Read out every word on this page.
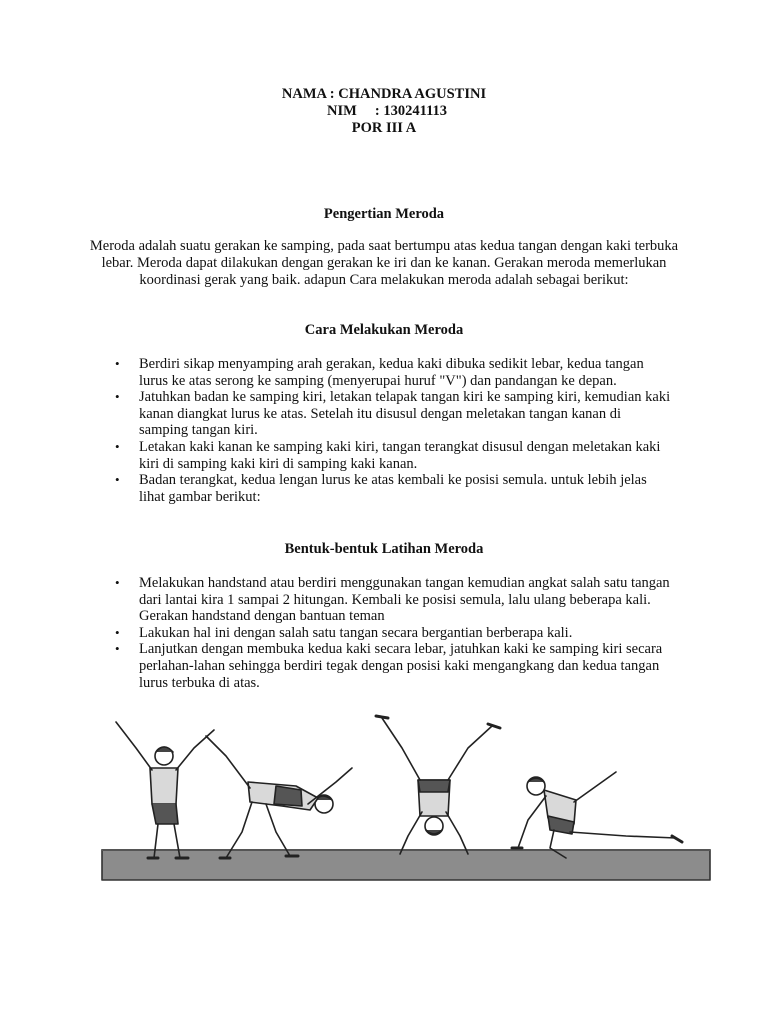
NAMA : CHANDRA AGUSTINI
NIM     : 130241113
POR III A
Pengertian Meroda
Meroda adalah suatu gerakan ke samping, pada saat bertumpu atas kedua tangan dengan kaki terbuka lebar. Meroda dapat dilakukan dengan gerakan ke iri dan ke kanan. Gerakan meroda memerlukan koordinasi gerak yang baik. adapun Cara melakukan meroda adalah sebagai berikut:
Cara Melakukan Meroda
• Berdiri sikap menyamping arah gerakan, kedua kaki dibuka sedikit lebar, kedua tangan lurus ke atas serong ke samping (menyerupai huruf "V") dan pandangan ke depan.
• Jatuhkan badan ke samping kiri, letakan telapak tangan kiri ke samping kiri, kemudian kaki kanan diangkat lurus ke atas. Setelah itu disusul dengan meletakan tangan kanan di samping tangan kiri.
• Letakan kaki kanan ke samping kaki kiri, tangan terangkat disusul dengan meletakan kaki kiri di samping kaki kiri di samping kaki kanan.
• Badan terangkat, kedua lengan lurus ke atas kembali ke posisi semula. untuk lebih jelas lihat gambar berikut:
Bentuk-bentuk Latihan Meroda
• Melakukan handstand atau berdiri menggunakan tangan kemudian angkat salah satu tangan dari lantai kira 1 sampai 2 hitungan. Kembali ke posisi semula, lalu ulang beberapa kali. Gerakan handstand dengan bantuan teman
• Lakukan hal ini dengan salah satu tangan secara bergantian berberapa kali.
• Lanjutkan dengan membuka kedua kaki secara lebar, jatuhkan kaki ke samping kiri secara perlahan-lahan sehingga berdiri tegak dengan posisi kaki mengangkang dan kedua tangan lurus terbuka di atas.
